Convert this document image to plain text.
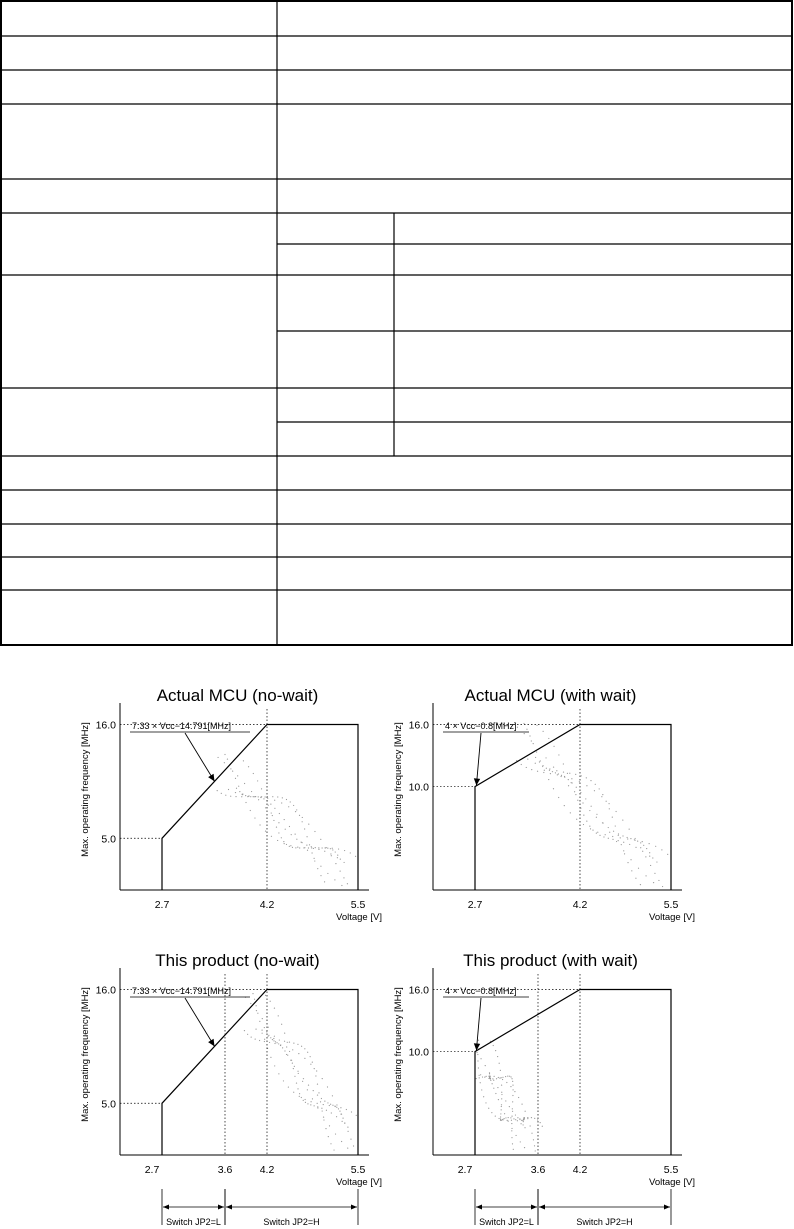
Actual MCU (no-wait)
5.0
16.0
2.7	4.2	5.5
Voltage [V]
Max. operating frequency [MHz]	7.33 × Vcc−14.791[MHz]
Actual MCU (with wait)
10.0
16.0
2.7	4.2	5.5
Voltage [V]
Max. operating frequency [MHz]	4 × Vcc−0.8[MHz]
This product (no-wait)
5.0
16.0
2.7	3.6	4.2	5.5
Voltage [V]
Max. operating frequency [MHz]	7.33 × Vcc−14.791[MHz]
Switch JP2=L	Switch JP2=H
This product (with wait)
10.0
16.0
2.7	3.6	4.2	5.5
Voltage [V]
Max. operating frequency [MHz]	4 × Vcc−0.8[MHz]
Switch JP2=L	Switch JP2=H
